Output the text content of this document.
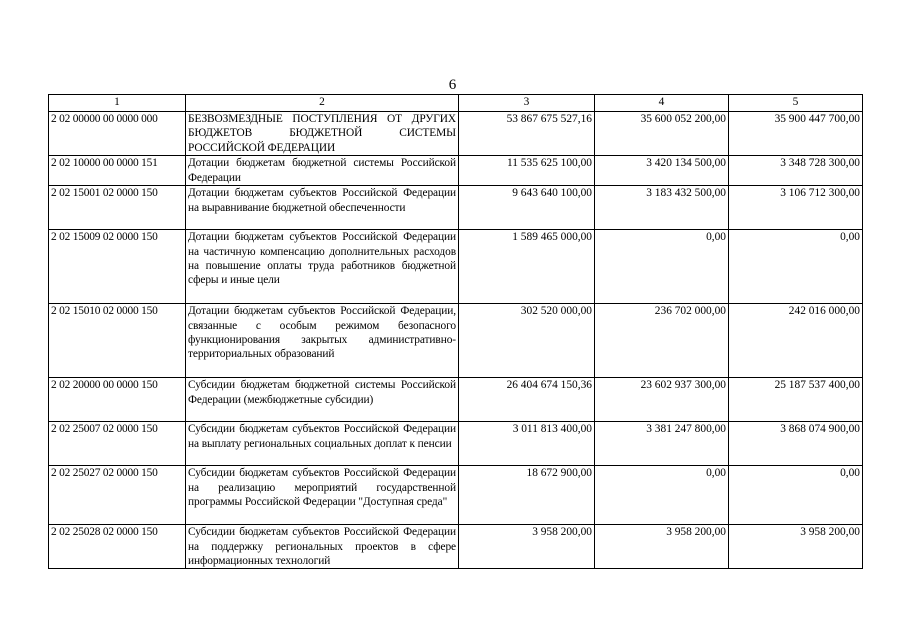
6
1	2	3	4	5
2 02 00000 00 0000 000	БЕЗВОЗМЕЗДНЫЕ ПОСТУПЛЕНИЯ ОТ ДРУГИХ БЮДЖЕТОВ БЮДЖЕТНОЙ СИСТЕМЫ РОССИЙСКОЙ ФЕДЕРАЦИИ	53 867 675 527,16	35 600 052 200,00	35 900 447 700,00
2 02 10000 00 0000 151	Дотации бюджетам бюджетной системы Российской Федерации	11 535 625 100,00	3 420 134 500,00	3 348 728 300,00
2 02 15001 02 0000 150	Дотации бюджетам субъектов Российской Федерации на выравнивание бюджетной обеспеченности	9 643 640 100,00	3 183 432 500,00	3 106 712 300,00
2 02 15009 02 0000 150	Дотации бюджетам субъектов Российской Федерации на частичную компенсацию дополнительных расходов на повышение оплаты труда работников бюджетной сферы и иные цели	1 589 465 000,00	0,00	0,00
2 02 15010 02 0000 150	Дотации бюджетам субъектов Российской Федерации, связанные с особым режимом безопасного функционирования закрытых административно-территориальных образований	302 520 000,00	236 702 000,00	242 016 000,00
2 02 20000 00 0000 150	Субсидии бюджетам бюджетной системы Российской Федерации (межбюджетные субсидии)	26 404 674 150,36	23 602 937 300,00	25 187 537 400,00
2 02 25007 02 0000 150	Субсидии бюджетам субъектов Российской Федерации на выплату региональных социальных доплат к пенсии	3 011 813 400,00	3 381 247 800,00	3 868 074 900,00
2 02 25027 02 0000 150	Субсидии бюджетам субъектов Российской Федерации на реализацию мероприятий государственной программы Российской Федерации "Доступная среда"	18 672 900,00	0,00	0,00
2 02 25028 02 0000 150	Субсидии бюджетам субъектов Российской Федерации на поддержку региональных проектов в сфере информационных технологий	3 958 200,00	3 958 200,00	3 958 200,00
